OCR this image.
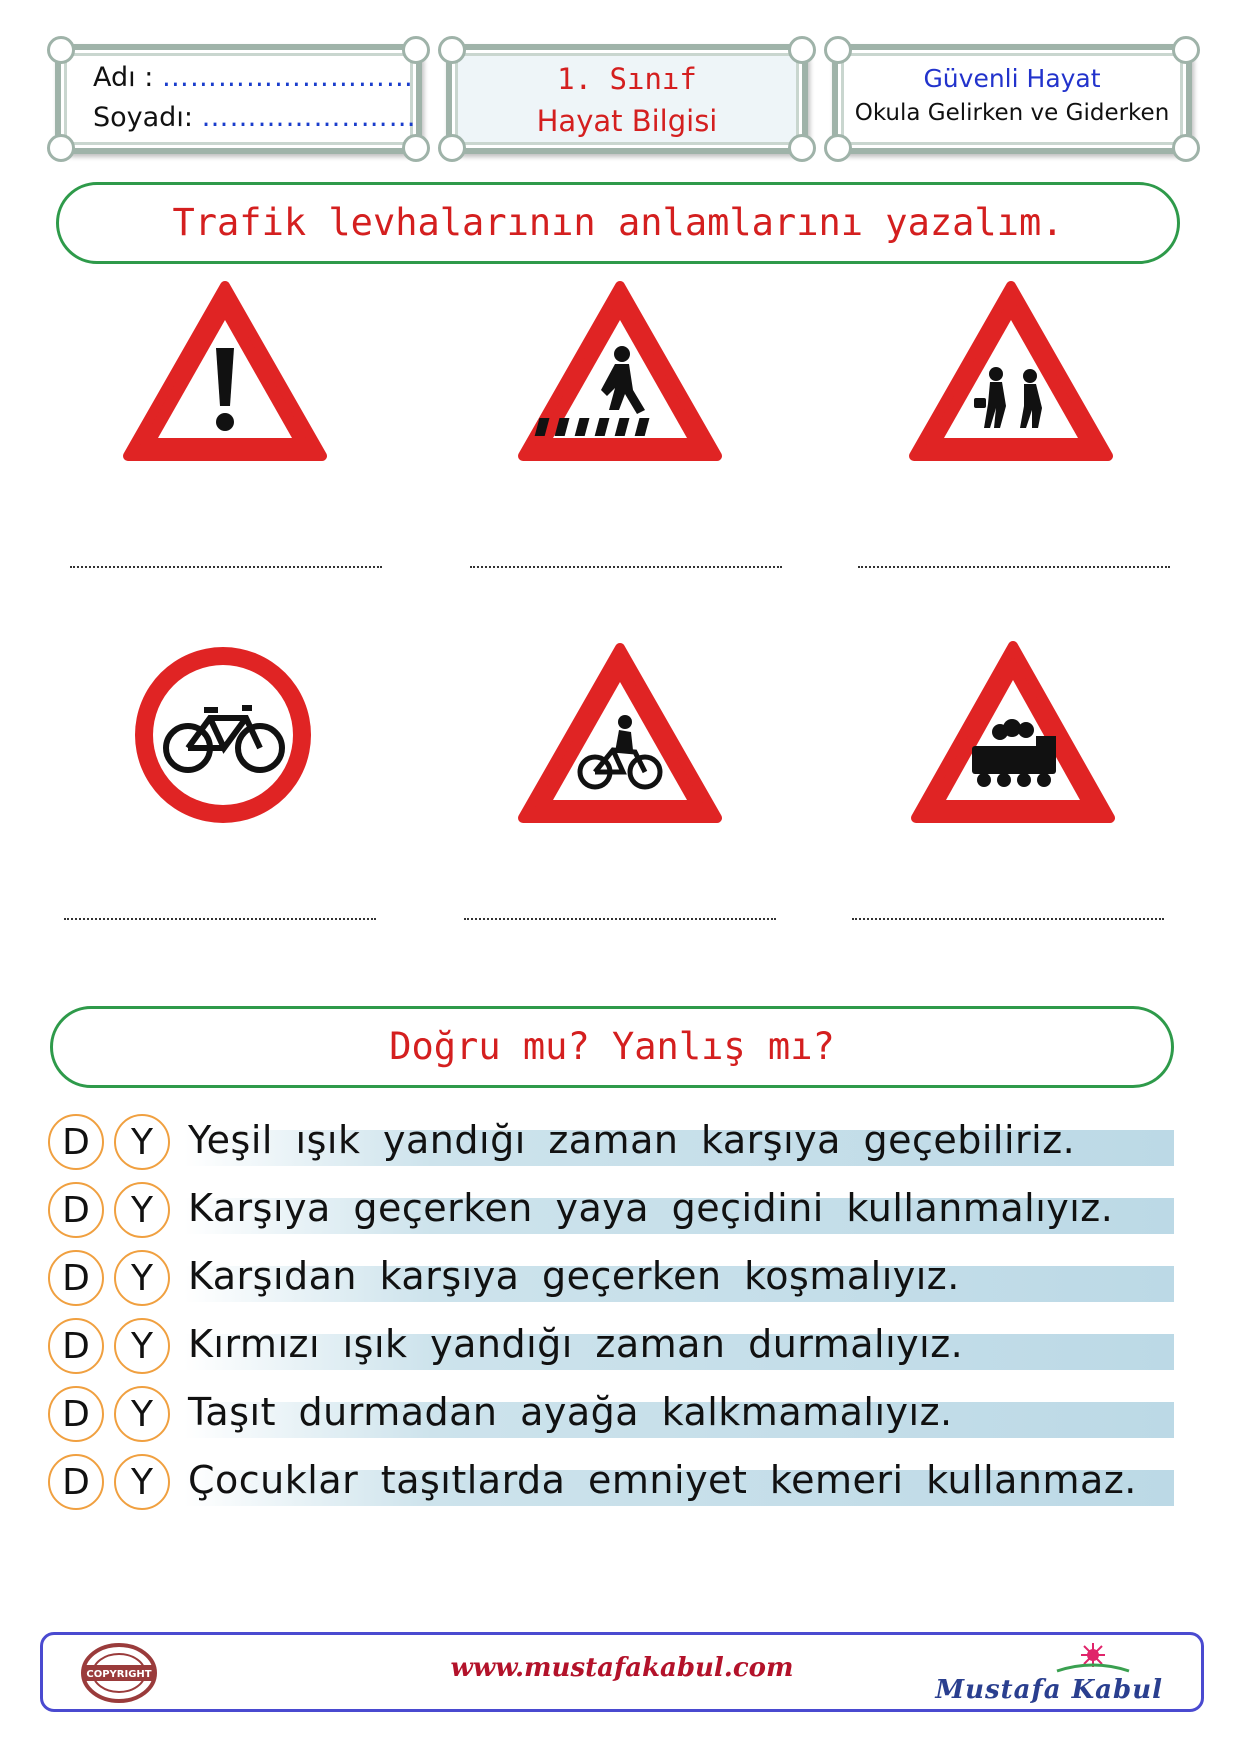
Adı : ………………………
Soyadı: ……………..……
1. Sınıf
Hayat Bilgisi
Güvenli Hayat
Okula Gelirken ve Giderken
Trafik levhalarının anlamlarını yazalım.
Doğru mu? Yanlış mı?
D	Y Yeşil ışık yandığı zaman karşıya geçebiliriz.
D	Y Karşıya geçerken yaya geçidini kullanmalıyız.
D	Y Karşıdan karşıya geçerken koşmalıyız.
D	Y Kırmızı ışık yandığı zaman durmalıyız.
D	Y Taşıt durmadan ayağa kalkmamalıyız.
D	Y Çocuklar taşıtlarda emniyet kemeri kullanmaz.
COPYRIGHT	www.mustafakabul.com
Mustafa Kabul
